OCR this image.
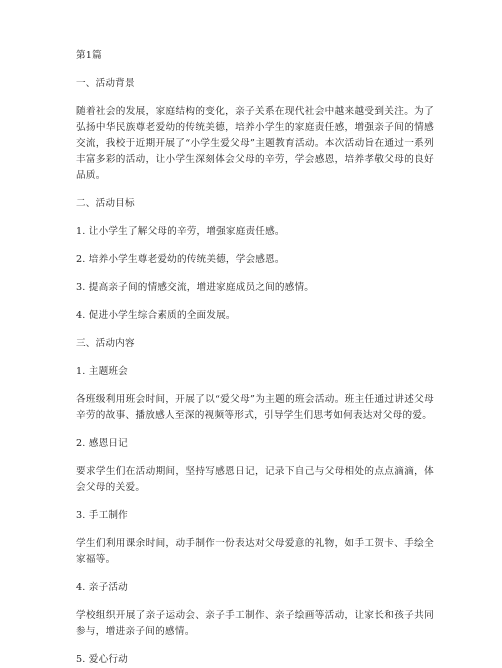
第1篇
一、活动背景
随着社会的发展，家庭结构的变化，亲子关系在现代社会中越来越受到关注。为了弘扬中华民族尊老爱幼的传统美德，培养小学生的家庭责任感，增强亲子间的情感交流，我校于近期开展了“小学生爱父母”主题教育活动。本次活动旨在通过一系列丰富多彩的活动，让小学生深刻体会父母的辛劳，学会感恩，培养孝敬父母的良好品质。
二、活动目标
1. 让小学生了解父母的辛劳，增强家庭责任感。
2. 培养小学生尊老爱幼的传统美德，学会感恩。
3. 提高亲子间的情感交流，增进家庭成员之间的感情。
4. 促进小学生综合素质的全面发展。
三、活动内容
1. 主题班会
各班级利用班会时间，开展了以“爱父母”为主题的班会活动。班主任通过讲述父母辛劳的故事、播放感人至深的视频等形式，引导学生们思考如何表达对父母的爱。
2. 感恩日记
要求学生们在活动期间，坚持写感恩日记，记录下自己与父母相处的点点滴滴，体会父母的关爱。
3. 手工制作
学生们利用课余时间，动手制作一份表达对父母爱意的礼物，如手工贺卡、手绘全家福等。
4. 亲子活动
学校组织开展了亲子运动会、亲子手工制作、亲子绘画等活动，让家长和孩子共同参与，增进亲子间的感情。
5. 爱心行动
